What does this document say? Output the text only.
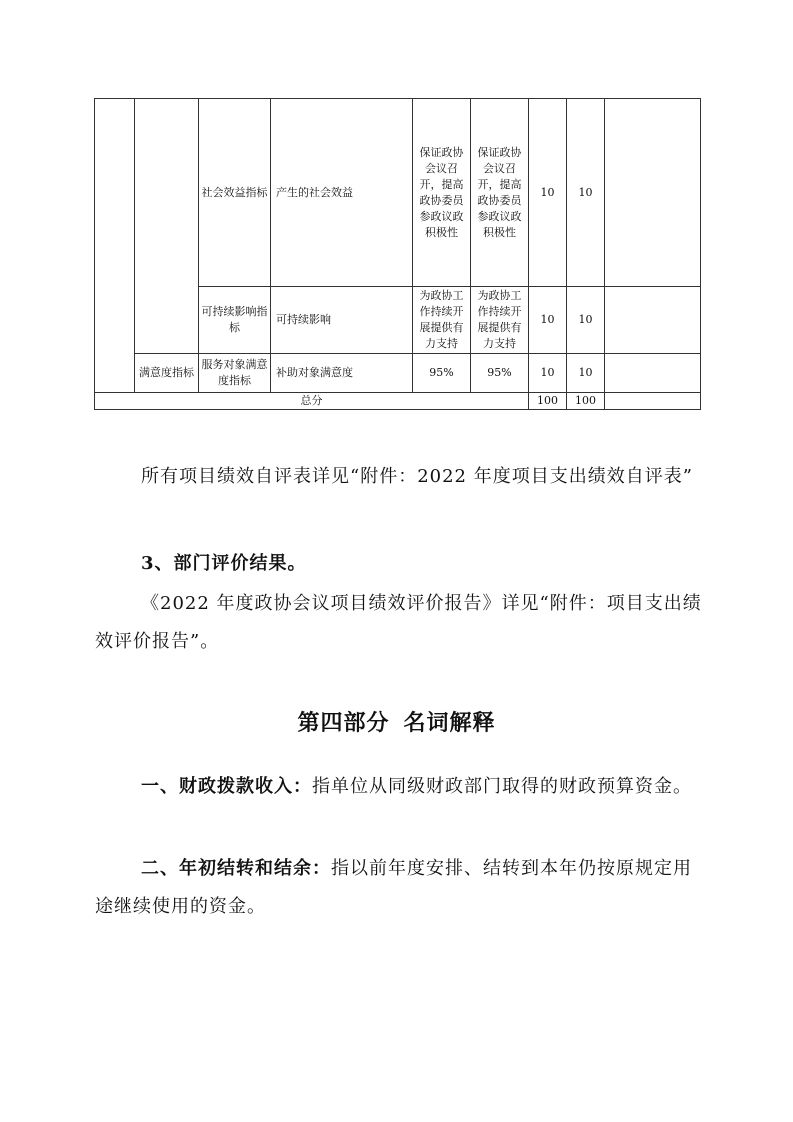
		社会效益指标	产生的社会效益	保证政协会议召开，提高政协委员参政议政积极性	保证政协会议召开，提高政协委员参政议政积极性	10	10	
		可持续影响指标	可持续影响	为政协工作持续开展提供有力支持	为政协工作持续开展提供有力支持	10	10	
	满意度指标	服务对象满意度指标	补助对象满意度	95%	95%	10	10	
总分						100	100	

所有项目绩效自评表详见“附件：2022 年度项目支出绩效自评表”

3、部门评价结果。

《2022 年度政协会议项目绩效评价报告》详见“附件：项目支出绩效评价报告”。

第四部分 名词解释

一、财政拨款收入：指单位从同级财政部门取得的财政预算资金。

二、年初结转和结余：指以前年度安排、结转到本年仍按原规定用途继续使用的资金。
